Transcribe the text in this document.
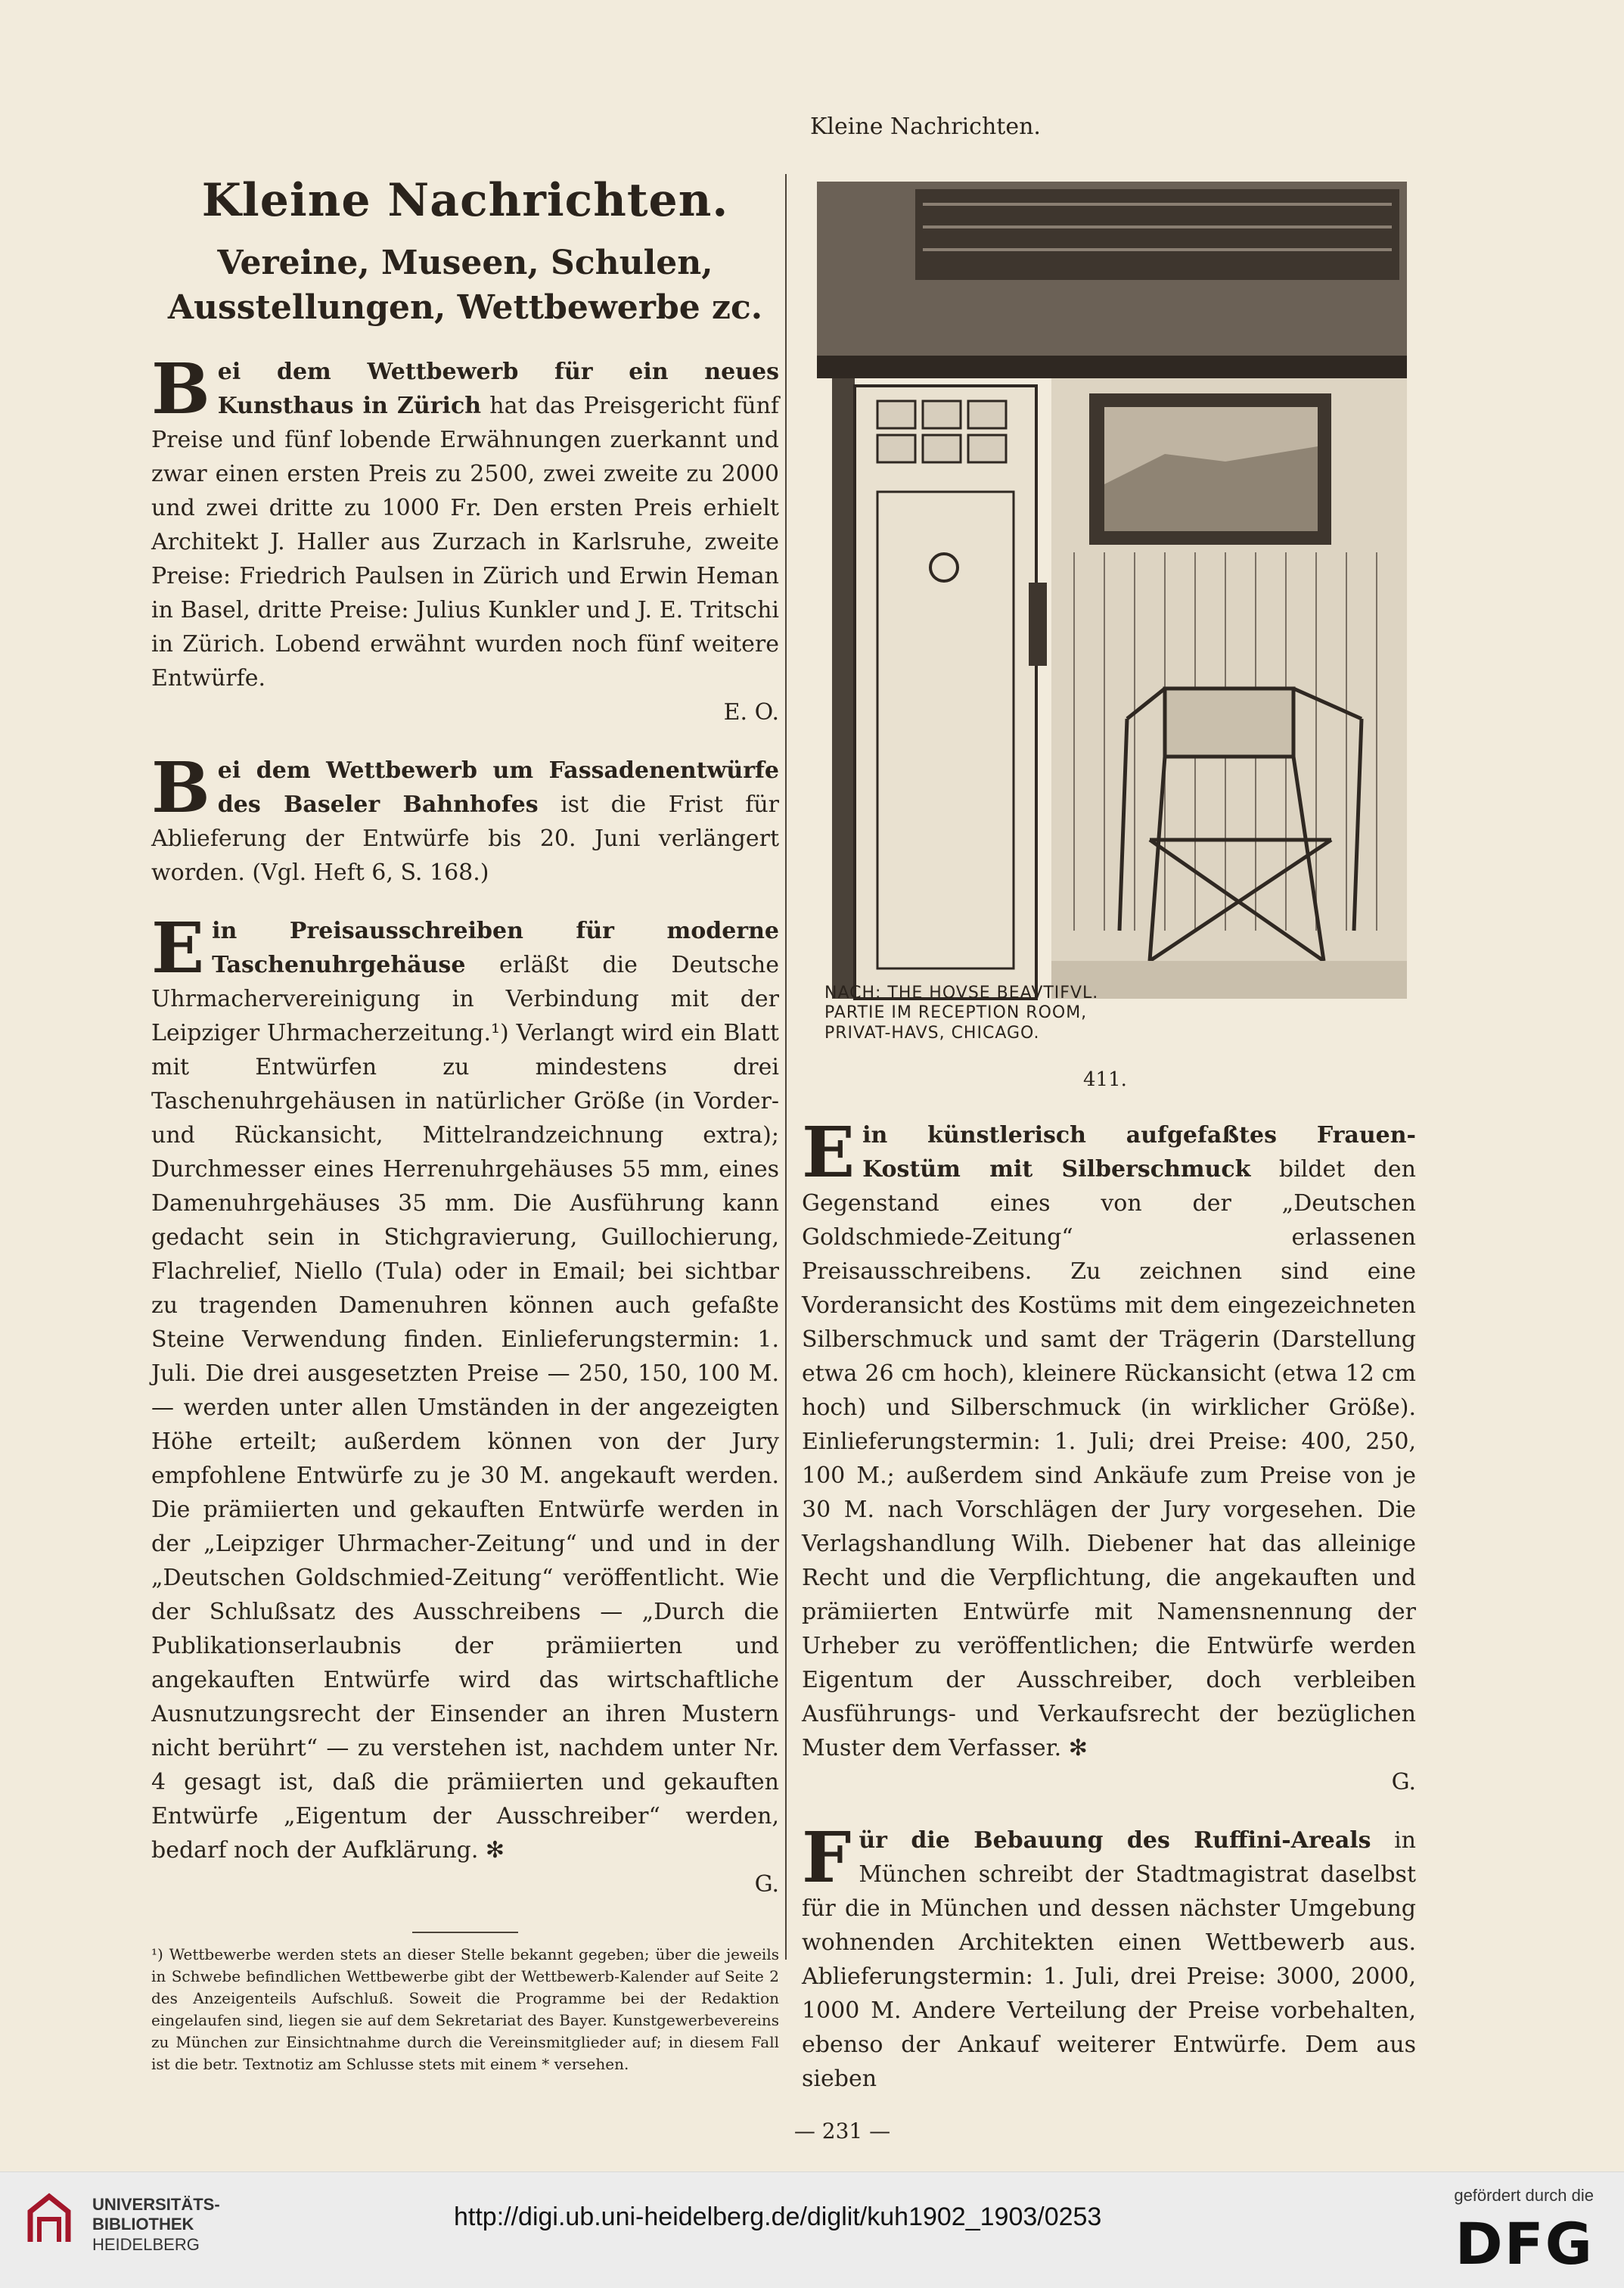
Kleine Nachrichten.
Kleine Nachrichten.
Vereine, Museen, Schulen, Ausstellungen, Wettbewerbe zc.
Bei dem Wettbewerb für ein neues Kunsthaus in Zürich hat das Preisgericht fünf Preise und fünf lobende Erwähnungen zuerkannt und zwar einen ersten Preis zu 2500, zwei zweite zu 2000 und zwei dritte zu 1000 Fr. Den ersten Preis erhielt Architekt J. Haller aus Zurzach in Karlsruhe, zweite Preise: Friedrich Paulsen in Zürich und Erwin Heman in Basel, dritte Preise: Julius Kunkler und J. E. Tritschi in Zürich. Lobend erwähnt wurden noch fünf weitere Entwürfe.
E. O.
Bei dem Wettbewerb um Fassadenentwürfe des Baseler Bahnhofes ist die Frist für Ablieferung der Entwürfe bis 20. Juni verlängert worden. (Vgl. Heft 6, S. 168.)
Ein Preisausschreiben für moderne Taschenuhrgehäuse erläßt die Deutsche Uhrmachervereinigung in Verbindung mit der Leipziger Uhrmacherzeitung.¹) Verlangt wird ein Blatt mit Entwürfen zu mindestens drei Taschenuhrgehäusen in natürlicher Größe (in Vorder- und Rückansicht, Mittelrandzeichnung extra); Durchmesser eines Herrenuhrgehäuses 55 mm, eines Damenuhrgehäuses 35 mm. Die Ausführung kann gedacht sein in Stichgravierung, Guillochierung, Flachrelief, Niello (Tula) oder in Email; bei sichtbar zu tragenden Damenuhren können auch gefaßte Steine Verwendung finden. Einlieferungstermin: 1. Juli. Die drei ausgesetzten Preise — 250, 150, 100 M. — werden unter allen Umständen in der angezeigten Höhe erteilt; außerdem können von der Jury empfohlene Entwürfe zu je 30 M. angekauft werden. Die prämiierten und gekauften Entwürfe werden in der „Leipziger Uhrmacher-Zeitung“ und und in der „Deutschen Goldschmied-Zeitung“ veröffentlicht. Wie der Schlußsatz des Ausschreibens — „Durch die Publikationserlaubnis der prämiierten und angekauften Entwürfe wird das wirtschaftliche Ausnutzungsrecht der Einsender an ihren Mustern nicht berührt“ — zu verstehen ist, nachdem unter Nr. 4 gesagt ist, daß die prämiierten und gekauften Entwürfe „Eigentum der Ausschreiber“ werden, bedarf noch der Aufklärung. ✻
G.
¹) Wettbewerbe werden stets an dieser Stelle bekannt gegeben; über die jeweils in Schwebe befindlichen Wettbewerbe gibt der Wettbewerb-Kalender auf Seite 2 des Anzeigenteils Aufschluß. Soweit die Programme bei der Redaktion eingelaufen sind, liegen sie auf dem Sekretariat des Bayer. Kunstgewerbevereins zu München zur Einsichtnahme durch die Vereinsmitglieder auf; in diesem Fall ist die betr. Textnotiz am Schlusse stets mit einem * versehen.
NACH: THE HOVSE BEAVTIFVL.
PARTIE IM RECEPTION ROOM,
PRIVAT-HAVS, CHICAGO.
411.
Ein künstlerisch aufgefaßtes Frauen-Kostüm mit Silberschmuck bildet den Gegenstand eines von der „Deutschen Goldschmiede-Zeitung“ erlassenen Preisausschreibens. Zu zeichnen sind eine Vorderansicht des Kostüms mit dem eingezeichneten Silberschmuck und samt der Trägerin (Darstellung etwa 26 cm hoch), kleinere Rückansicht (etwa 12 cm hoch) und Silberschmuck (in wirklicher Größe). Einlieferungstermin: 1. Juli; drei Preise: 400, 250, 100 M.; außerdem sind Ankäufe zum Preise von je 30 M. nach Vorschlägen der Jury vorgesehen. Die Verlagshandlung Wilh. Diebener hat das alleinige Recht und die Verpflichtung, die angekauften und prämiierten Entwürfe mit Namensnennung der Urheber zu veröffentlichen; die Entwürfe werden Eigentum der Ausschreiber, doch verbleiben Ausführungs- und Verkaufsrecht der bezüglichen Muster dem Verfasser. ✻
G.
Für die Bebauung des Ruffini-Areals in München schreibt der Stadtmagistrat daselbst für die in München und dessen nächster Umgebung wohnenden Architekten einen Wettbewerb aus. Ablieferungstermin: 1. Juli, drei Preise: 3000, 2000, 1000 M. Andere Verteilung der Preise vorbehalten, ebenso der Ankauf weiterer Entwürfe. Dem aus sieben
— 231 —
UNIVERSITÄTS-
BIBLIOTHEK
HEIDELBERG
http://digi.ub.uni-heidelberg.de/diglit/kuh1902_1903/0253
gefördert durch die
DFG
